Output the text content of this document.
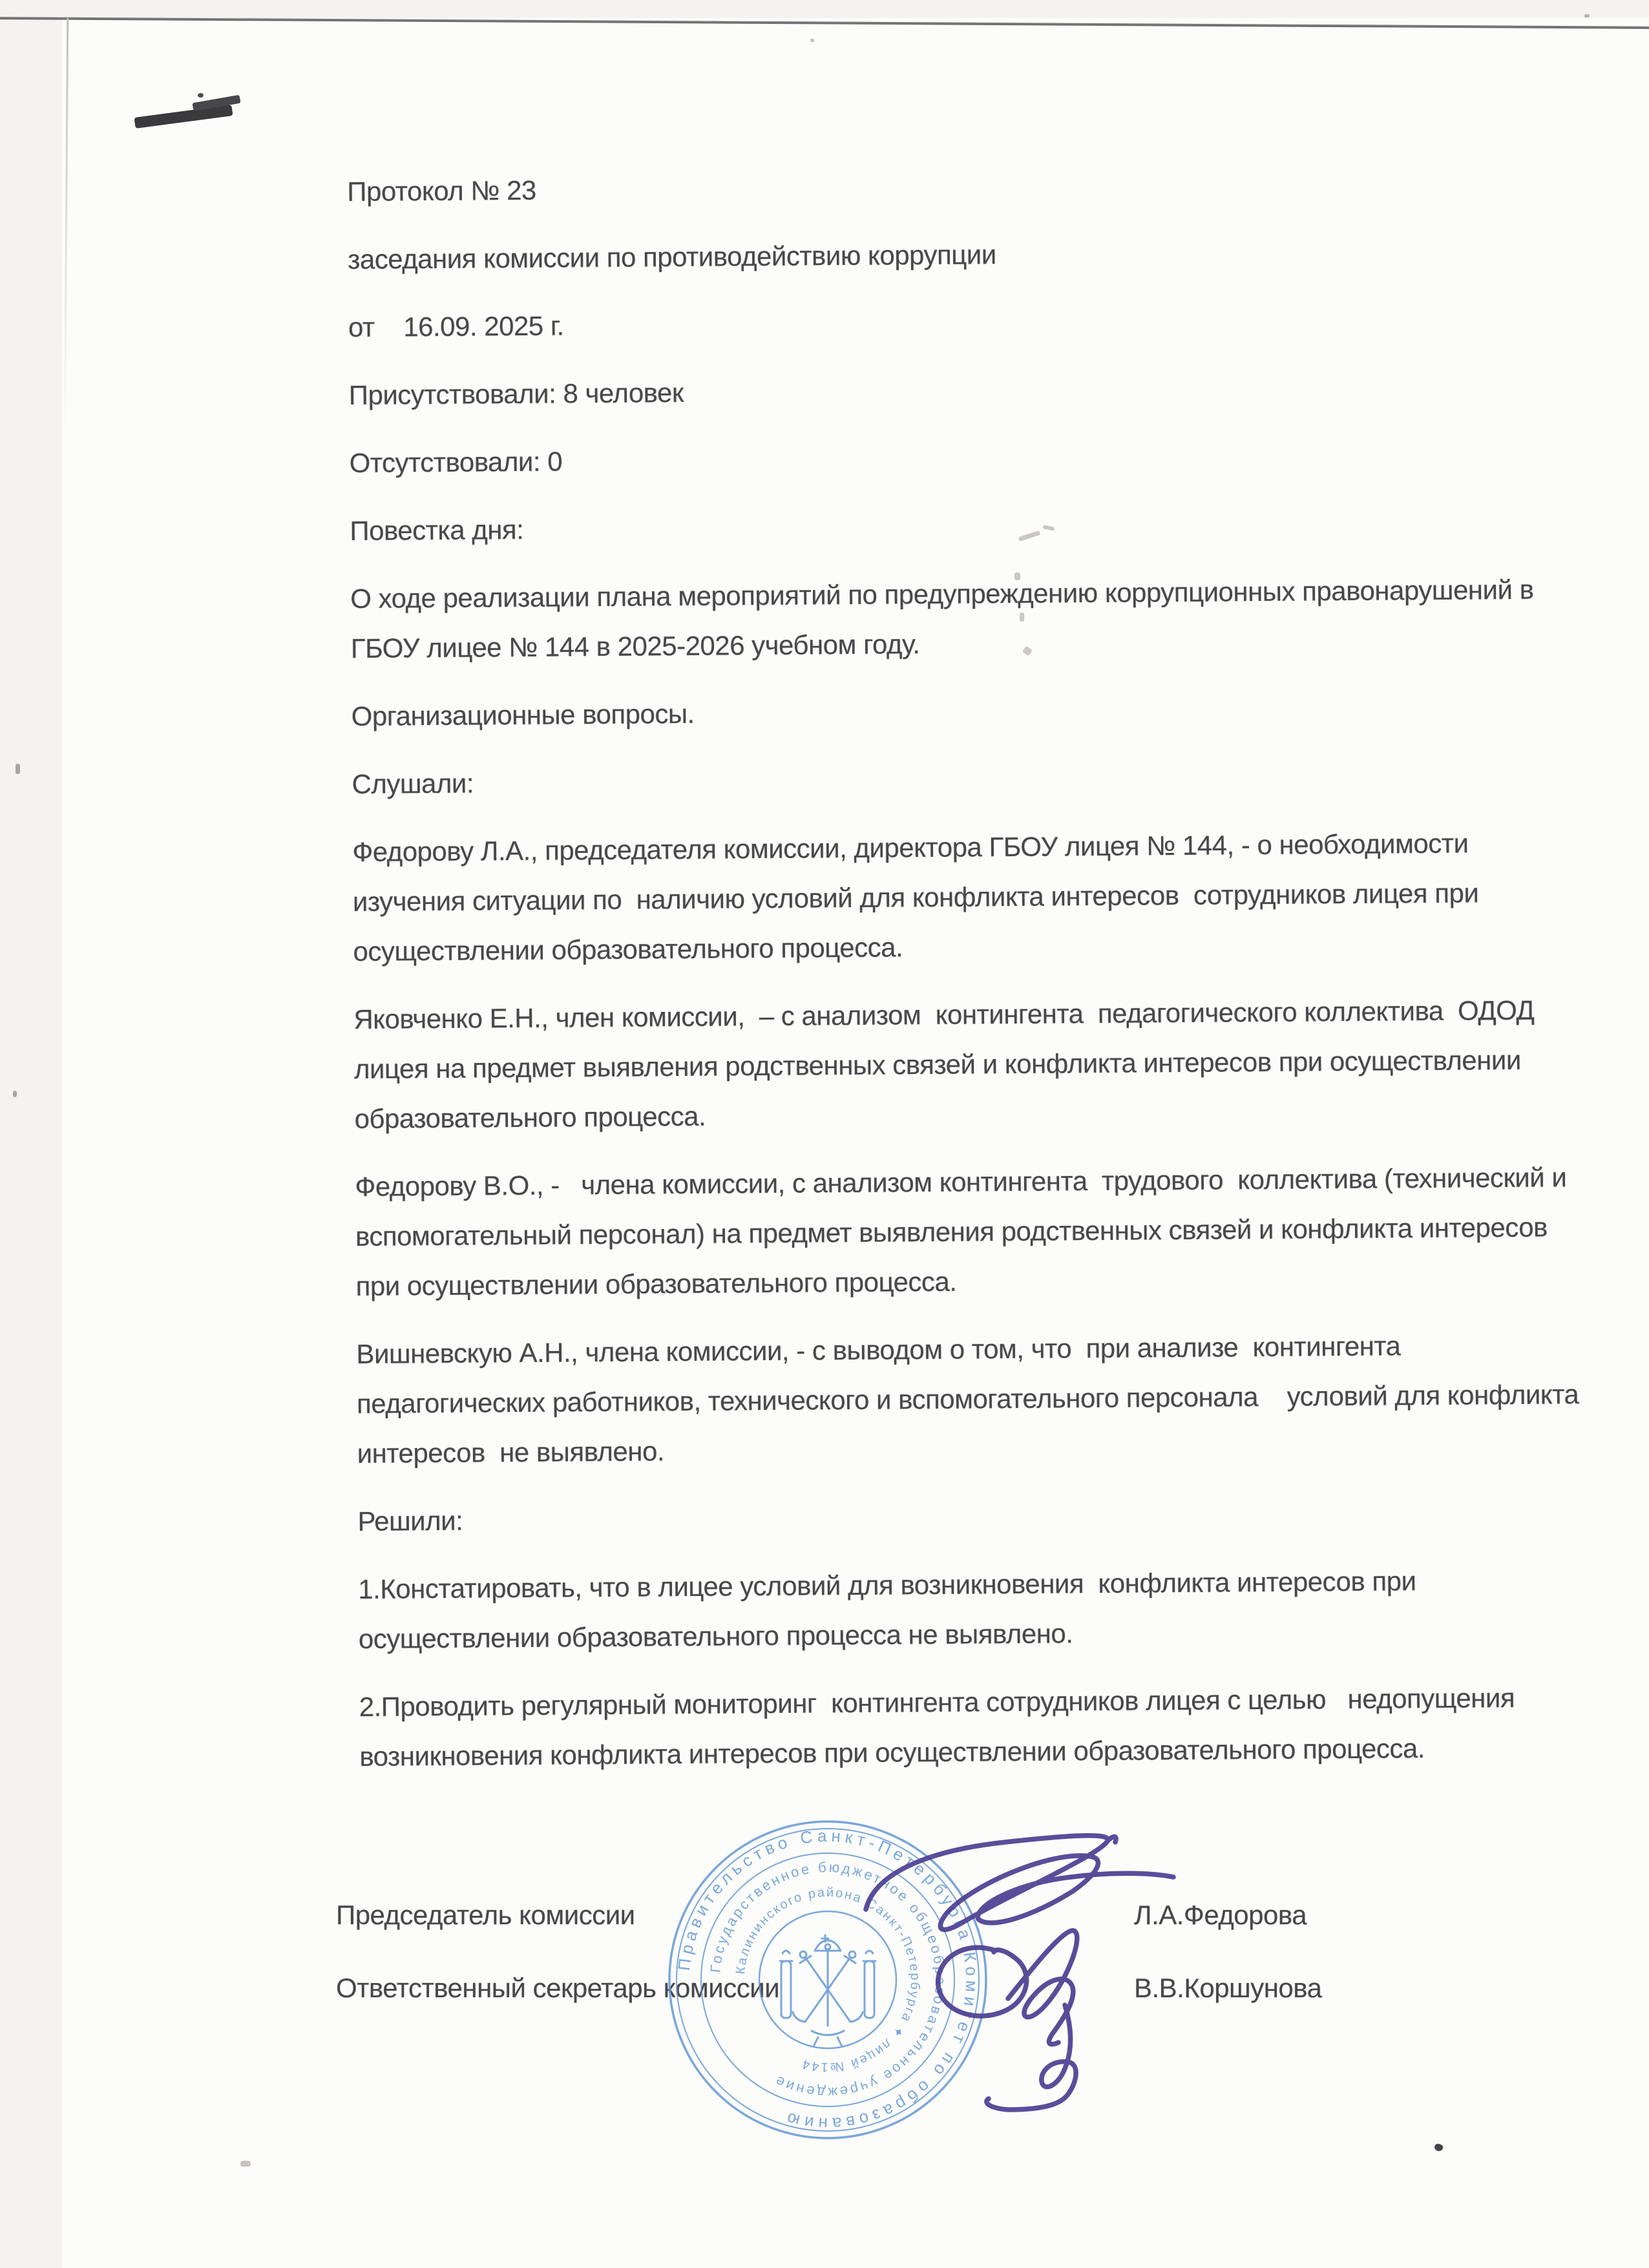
Протокол № 23
заседания комиссии по противодействию коррупции
от    16.09. 2025 г.
Присутствовали: 8 человек
Отсутствовали: 0
Повестка дня:
О ходе реализации плана мероприятий по предупреждению коррупционных правонарушений в
ГБОУ лицее № 144 в 2025-2026 учебном году.
Организационные вопросы.
Слушали:
Федорову Л.А., председателя комиссии, директора ГБОУ лицея № 144, - о необходимости
изучения ситуации по  наличию условий для конфликта интересов  сотрудников лицея при
осуществлении образовательного процесса.
Яковченко Е.Н., член комиссии,  – с анализом  контингента  педагогического коллектива  ОДОД
лицея на предмет выявления родственных связей и конфликта интересов при осуществлении
образовательного процесса.
Федорову В.О., -   члена комиссии, с анализом контингента  трудового  коллектива (технический и
вспомогательный персонал) на предмет выявления родственных связей и конфликта интересов
при осуществлении образовательного процесса.
Вишневскую А.Н., члена комиссии, - с выводом о том, что  при анализе  контингента
педагогических работников, технического и вспомогательного персонала    условий для конфликта
интересов  не выявлено.
Решили:
1.Констатировать, что в лицее условий для возникновения  конфликта интересов при
осуществлении образовательного процесса не выявлено.
2.Проводить регулярный мониторинг  контингента сотрудников лицея с целью   недопущения
возникновения конфликта интересов при осуществлении образовательного процесса.
Председатель комиссии	Л.А.Федорова
Ответственный секретарь комиссии	В.В.Коршунова
Правительство Санкт-Петербурга Комитет по образованию
Государственное бюджетное общеобразовательное учреждение
Калининского района Санкт-Петербурга ✦ лицей №144
